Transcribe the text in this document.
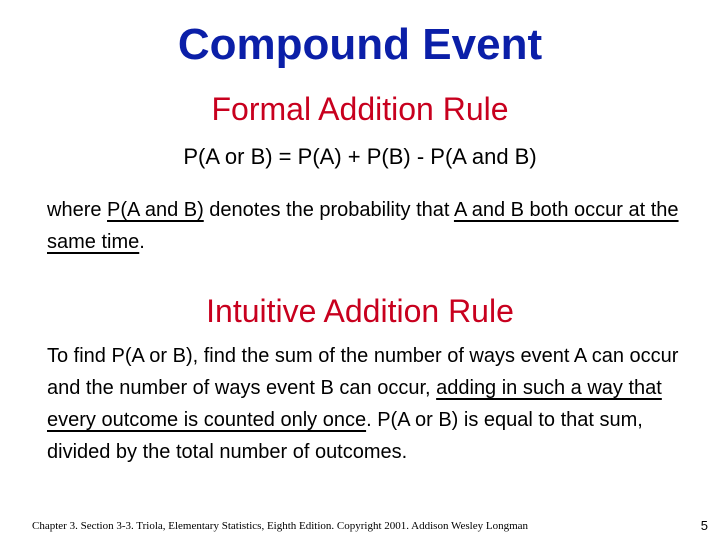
Compound Event
Formal Addition Rule
P(A or B) = P(A) + P(B) - P(A and B)
where P(A and B) denotes the probability that A and B both occur at the same time.
Intuitive Addition Rule
To find P(A or B), find the sum of the number of ways event A can occur and the number of ways event B can occur, adding in such a way that every outcome is counted only once. P(A or B) is equal to that sum, divided by the total number of outcomes.
Chapter 3. Section 3-3. Triola, Elementary Statistics, Eighth Edition. Copyright 2001. Addison Wesley Longman	5
